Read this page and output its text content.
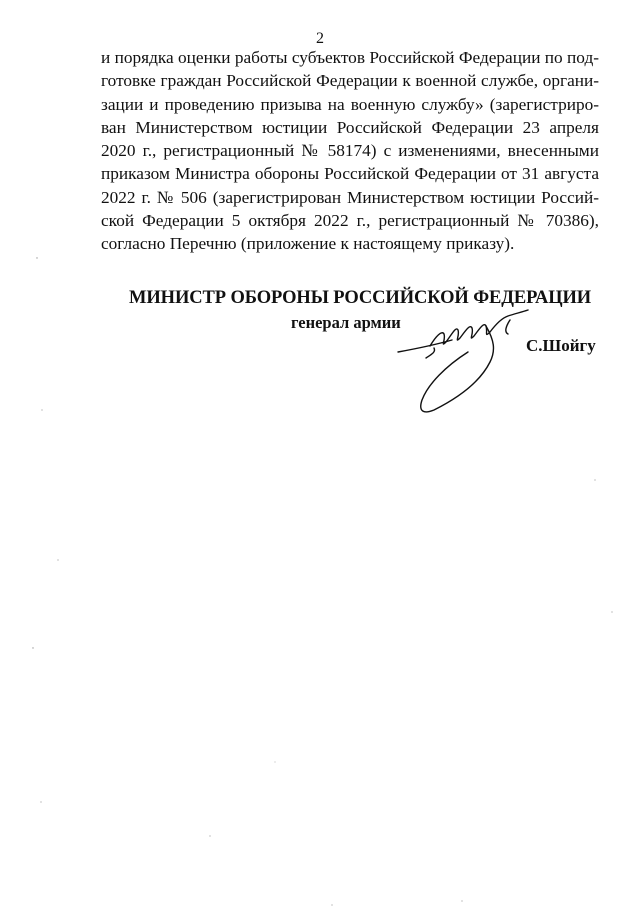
2
и порядка оценки работы субъектов Российской Федерации по под-
готовке граждан Российской Федерации к военной службе, органи-
зации и проведению призыва на военную службу» (зарегистриро-
ван Министерством юстиции Российской Федерации 23 апреля
2020 г., регистрационный № 58174) с изменениями, внесенными
приказом Министра обороны Российской Федерации от 31 августа
2022 г. № 506 (зарегистрирован Министерством юстиции Россий-
ской Федерации 5 октября 2022 г., регистрационный № 70386),
согласно Перечню (приложение к настоящему приказу).
МИНИСТР ОБОРОНЫ РОССИЙСКОЙ ФЕДЕРАЦИИ
генерал армии
С.Шойгу
